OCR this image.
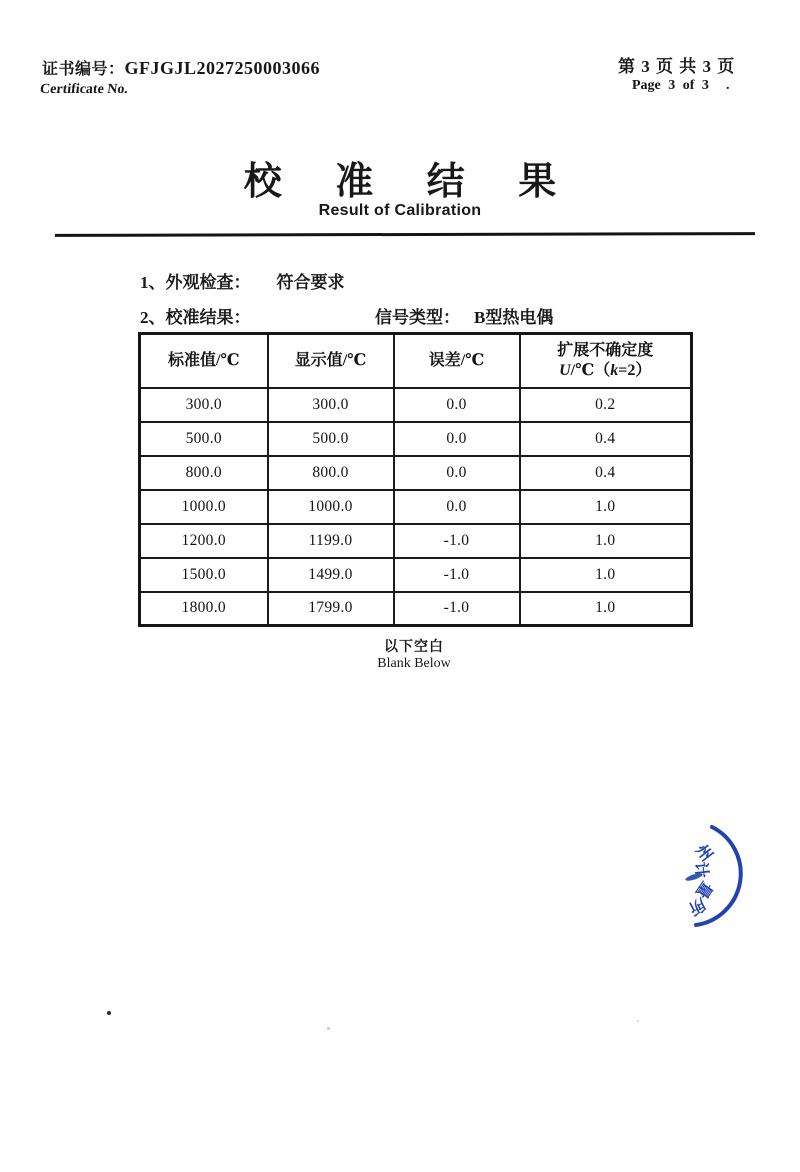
证书编号：GFJGJL2027250003066
Certificate No.
第 3 页 共 3 页
Page 3 of 3 .
校 准 结 果
Result of Calibration
1、外观检查： 符合要求
2、校准结果：	信号类型： B型热电偶
标准值/℃	显示值/℃	误差/℃	扩展不确定度
U/℃（k=2）
300.0	300.0	0.0	0.2
500.0	500.0	0.0	0.4
800.0	800.0	0.0	0.4
1000.0	1000.0	0.0	1.0
1200.0	1199.0	-1.0	1.0
1500.0	1499.0	-1.0	1.0
1800.0	1799.0	-1.0	1.0
以下空白
Blank Below
州
计
量
所
